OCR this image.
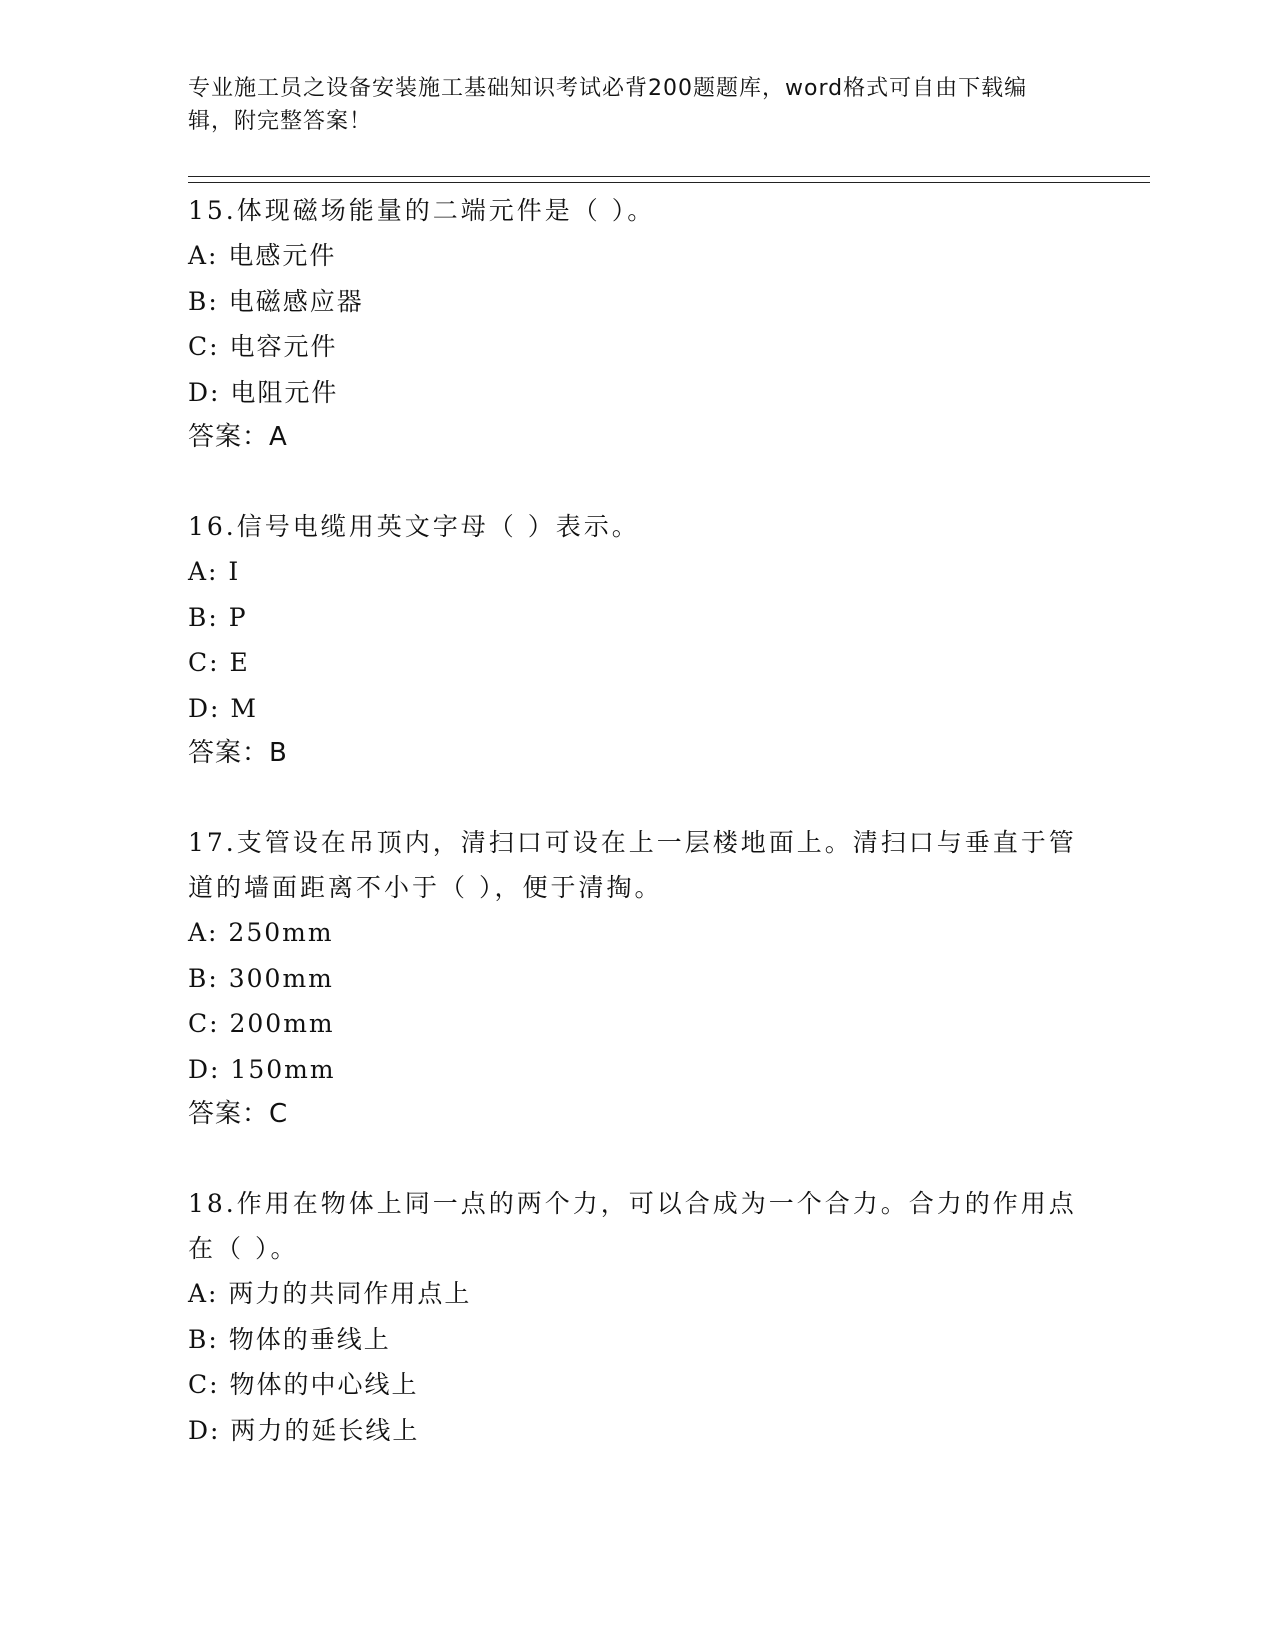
专业施工员之设备安装施工基础知识考试必背200题题库，word格式可自由下载编辑，附完整答案！

15.体现磁场能量的二端元件是（ ）。

A: 电感元件

B: 电磁感应器

C: 电容元件

D: 电阻元件

答案：A

16.信号电缆用英文字母（ ）表示。

A: I

B: P

C: E

D: M

答案：B

17.支管设在吊顶内，清扫口可设在上一层楼地面上。清扫口与垂直于管道的墙面距离不小于（ ），便于清掏。

A: 250mm

B: 300mm

C: 200mm

D: 150mm

答案：C

18.作用在物体上同一点的两个力，可以合成为一个合力。合力的作用点在（ ）。

A: 两力的共同作用点上

B: 物体的垂线上

C: 物体的中心线上

D: 两力的延长线上
